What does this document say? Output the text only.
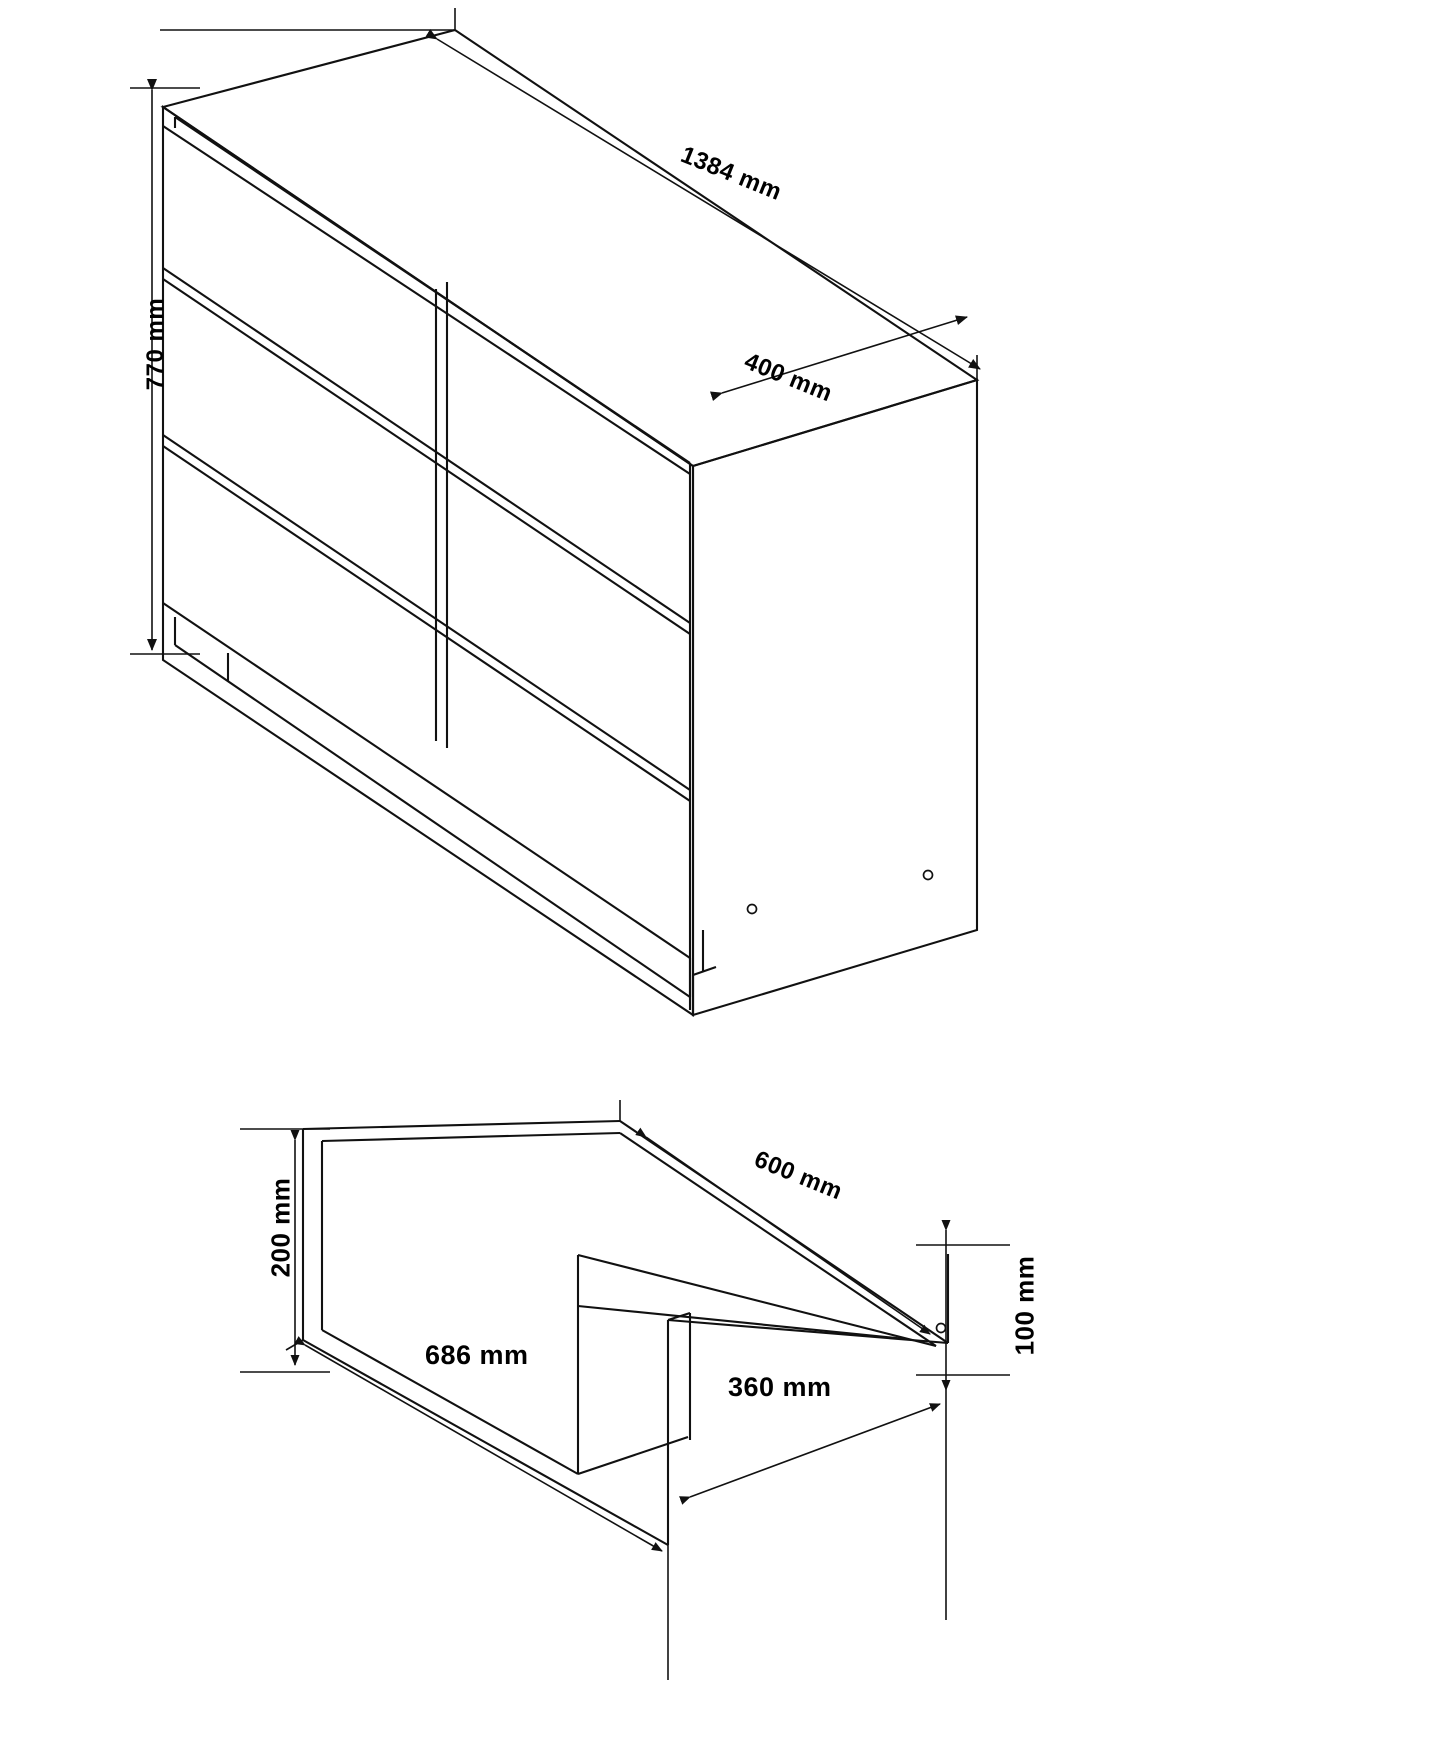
1384 mm
400 mm
770 mm
600 mm
100 mm
686 mm
360 mm
200 mm
